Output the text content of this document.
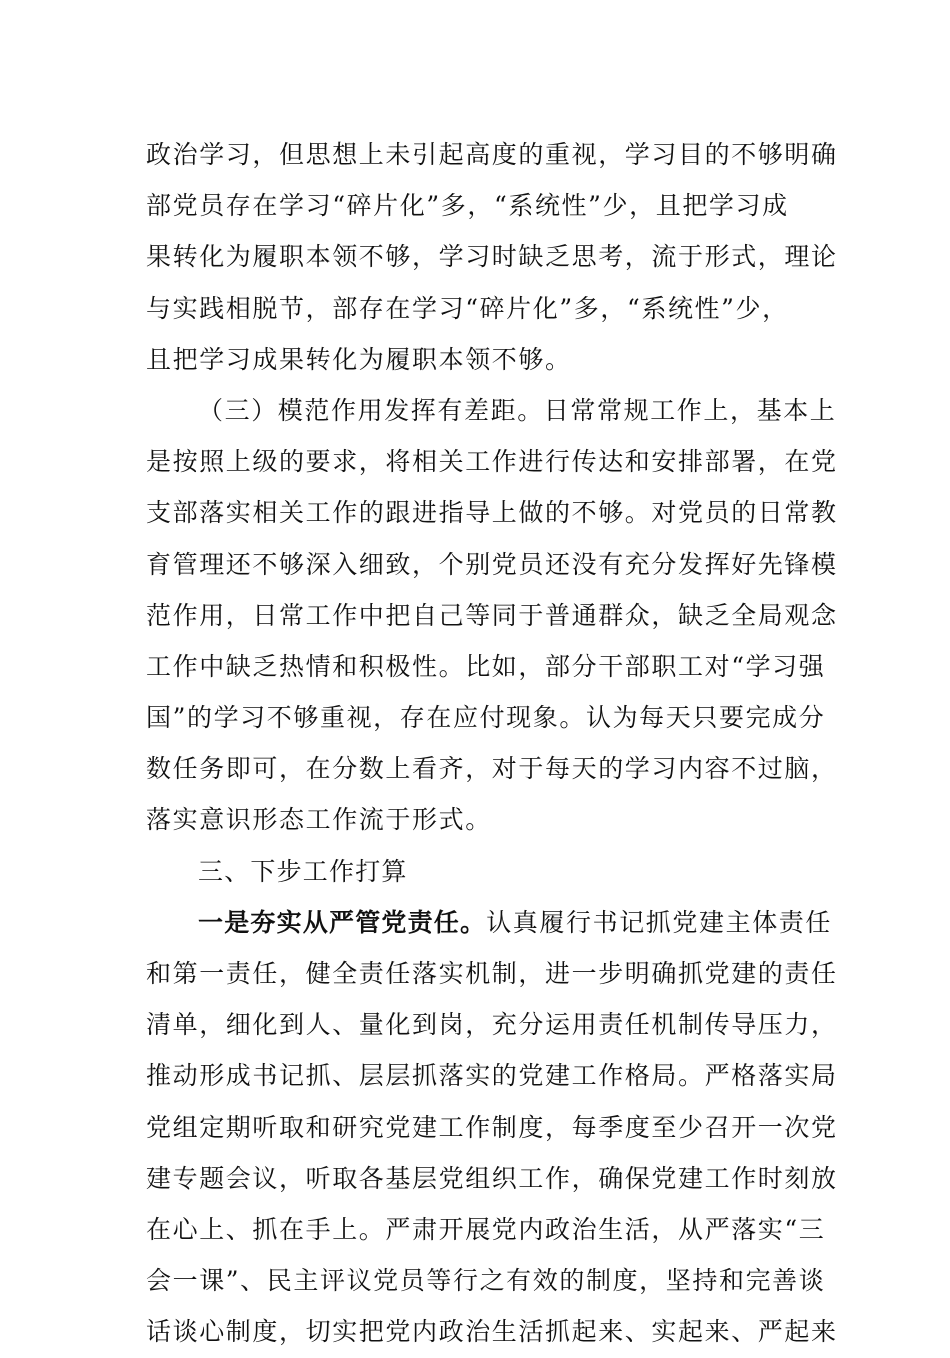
政治学习，但思想上未引起高度的重视，学习目的不够明确
部党员存在学习“碎片化”多，“系统性”少，且把学习成
果转化为履职本领不够，学习时缺乏思考，流于形式，理论
与实践相脱节，部存在学习“碎片化”多，“系统性”少，
且把学习成果转化为履职本领不够。
（三）模范作用发挥有差距。日常常规工作上，基本上
是按照上级的要求，将相关工作进行传达和安排部署，在党
支部落实相关工作的跟进指导上做的不够。对党员的日常教
育管理还不够深入细致，个别党员还没有充分发挥好先锋模
范作用，日常工作中把自己等同于普通群众，缺乏全局观念
工作中缺乏热情和积极性。比如，部分干部职工对“学习强
国”的学习不够重视，存在应付现象。认为每天只要完成分
数任务即可，在分数上看齐，对于每天的学习内容不过脑，
落实意识形态工作流于形式。
三、下步工作打算
一是夯实从严管党责任。认真履行书记抓党建主体责任
和第一责任，健全责任落实机制，进一步明确抓党建的责任
清单，细化到人、量化到岗，充分运用责任机制传导压力，
推动形成书记抓、层层抓落实的党建工作格局。严格落实局
党组定期听取和研究党建工作制度，每季度至少召开一次党
建专题会议，听取各基层党组织工作，确保党建工作时刻放
在心上、抓在手上。严肃开展党内政治生活，从严落实“三
会一课”、民主评议党员等行之有效的制度，坚持和完善谈
话谈心制度，切实把党内政治生活抓起来、实起来、严起来
